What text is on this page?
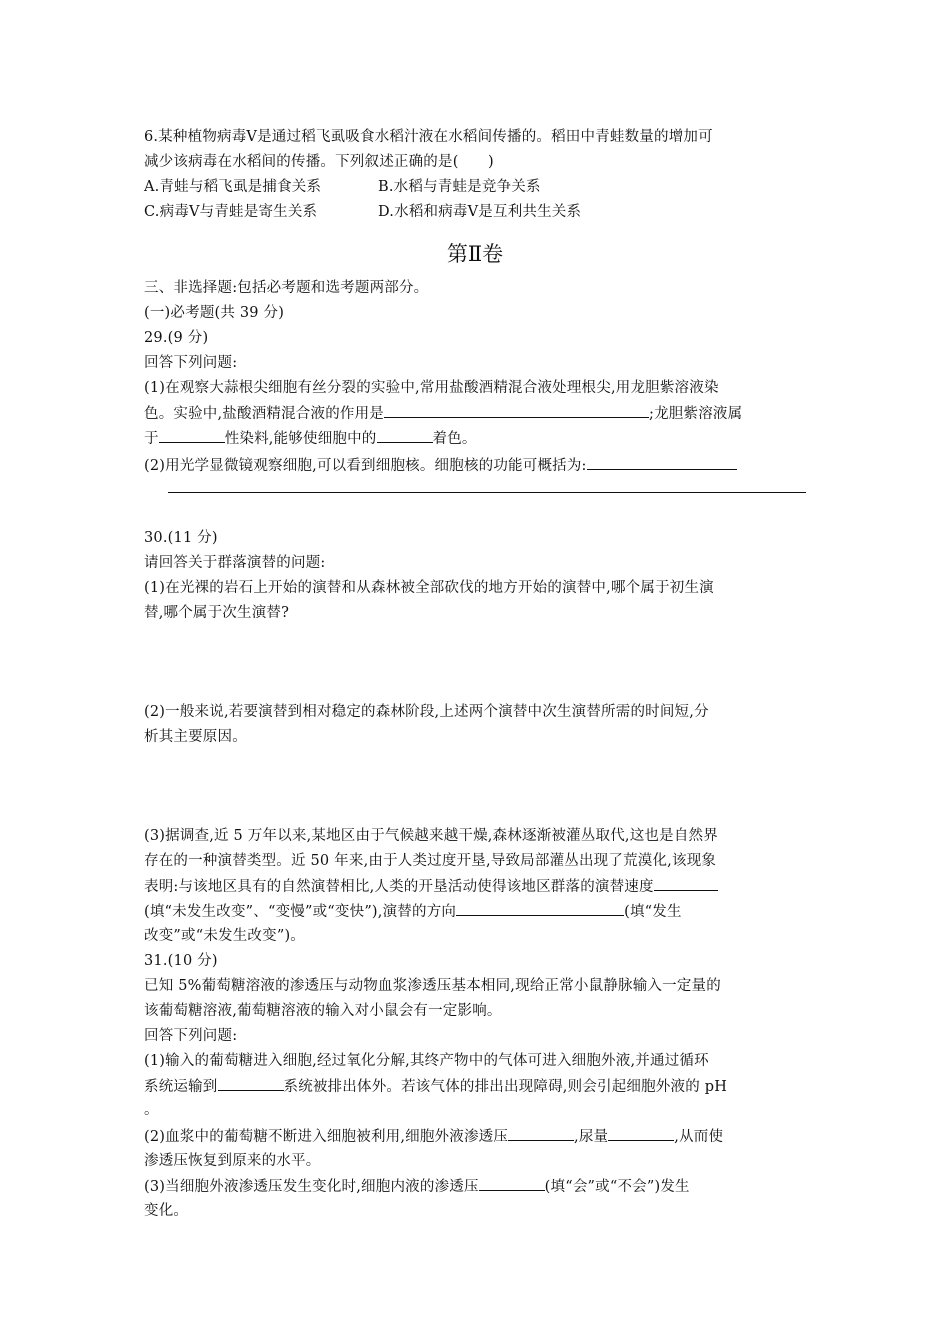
6.某种植物病毒Ⅴ是通过稻飞虱吸食水稻汁液在水稻间传播的。稻田中青蛙数量的增加可
减少该病毒在水稻间的传播。下列叙述正确的是(　　)
A.青蛙与稻飞虱是捕食关系	B.水稻与青蛙是竞争关系
C.病毒Ⅴ与青蛙是寄生关系	D.水稻和病毒Ⅴ是互利共生关系
第Ⅱ卷
三、非选择题:包括必考题和选考题两部分。
(一)必考题(共 39 分)
29.(9 分)
回答下列问题:
(1)在观察大蒜根尖细胞有丝分裂的实验中,常用盐酸酒精混合液处理根尖,用龙胆紫溶液染
色。实验中,盐酸酒精混合液的作用是	;龙胆紫溶液属
于	性染料,能够使细胞中的	着色。
(2)用光学显微镜观察细胞,可以看到细胞核。细胞核的功能可概括为:
30.(11 分)
请回答关于群落演替的问题:
(1)在光裸的岩石上开始的演替和从森林被全部砍伐的地方开始的演替中,哪个属于初生演
替,哪个属于次生演替?
(2)一般来说,若要演替到相对稳定的森林阶段,上述两个演替中次生演替所需的时间短,分
析其主要原因。
(3)据调查,近 5 万年以来,某地区由于气候越来越干燥,森林逐渐被灌丛取代,这也是自然界
存在的一种演替类型。近 50 年来,由于人类过度开垦,导致局部灌丛出现了荒漠化,该现象
表明:与该地区具有的自然演替相比,人类的开垦活动使得该地区群落的演替速度
(填“未发生改变”、“变慢”或“变快”),演替的方向	(填“发生
改变”或“未发生改变”)。
31.(10 分)
已知 5%葡萄糖溶液的渗透压与动物血浆渗透压基本相同,现给正常小鼠静脉输入一定量的
该葡萄糖溶液,葡萄糖溶液的输入对小鼠会有一定影响。
回答下列问题:
(1)输入的葡萄糖进入细胞,经过氧化分解,其终产物中的气体可进入细胞外液,并通过循环
系统运输到	系统被排出体外。若该气体的排出出现障碍,则会引起细胞外液的 pH
。
(2)血浆中的葡萄糖不断进入细胞被利用,细胞外液渗透压	,尿量	,从而使
渗透压恢复到原来的水平。
(3)当细胞外液渗透压发生变化时,细胞内液的渗透压	(填“会”或“不会”)发生
变化。
